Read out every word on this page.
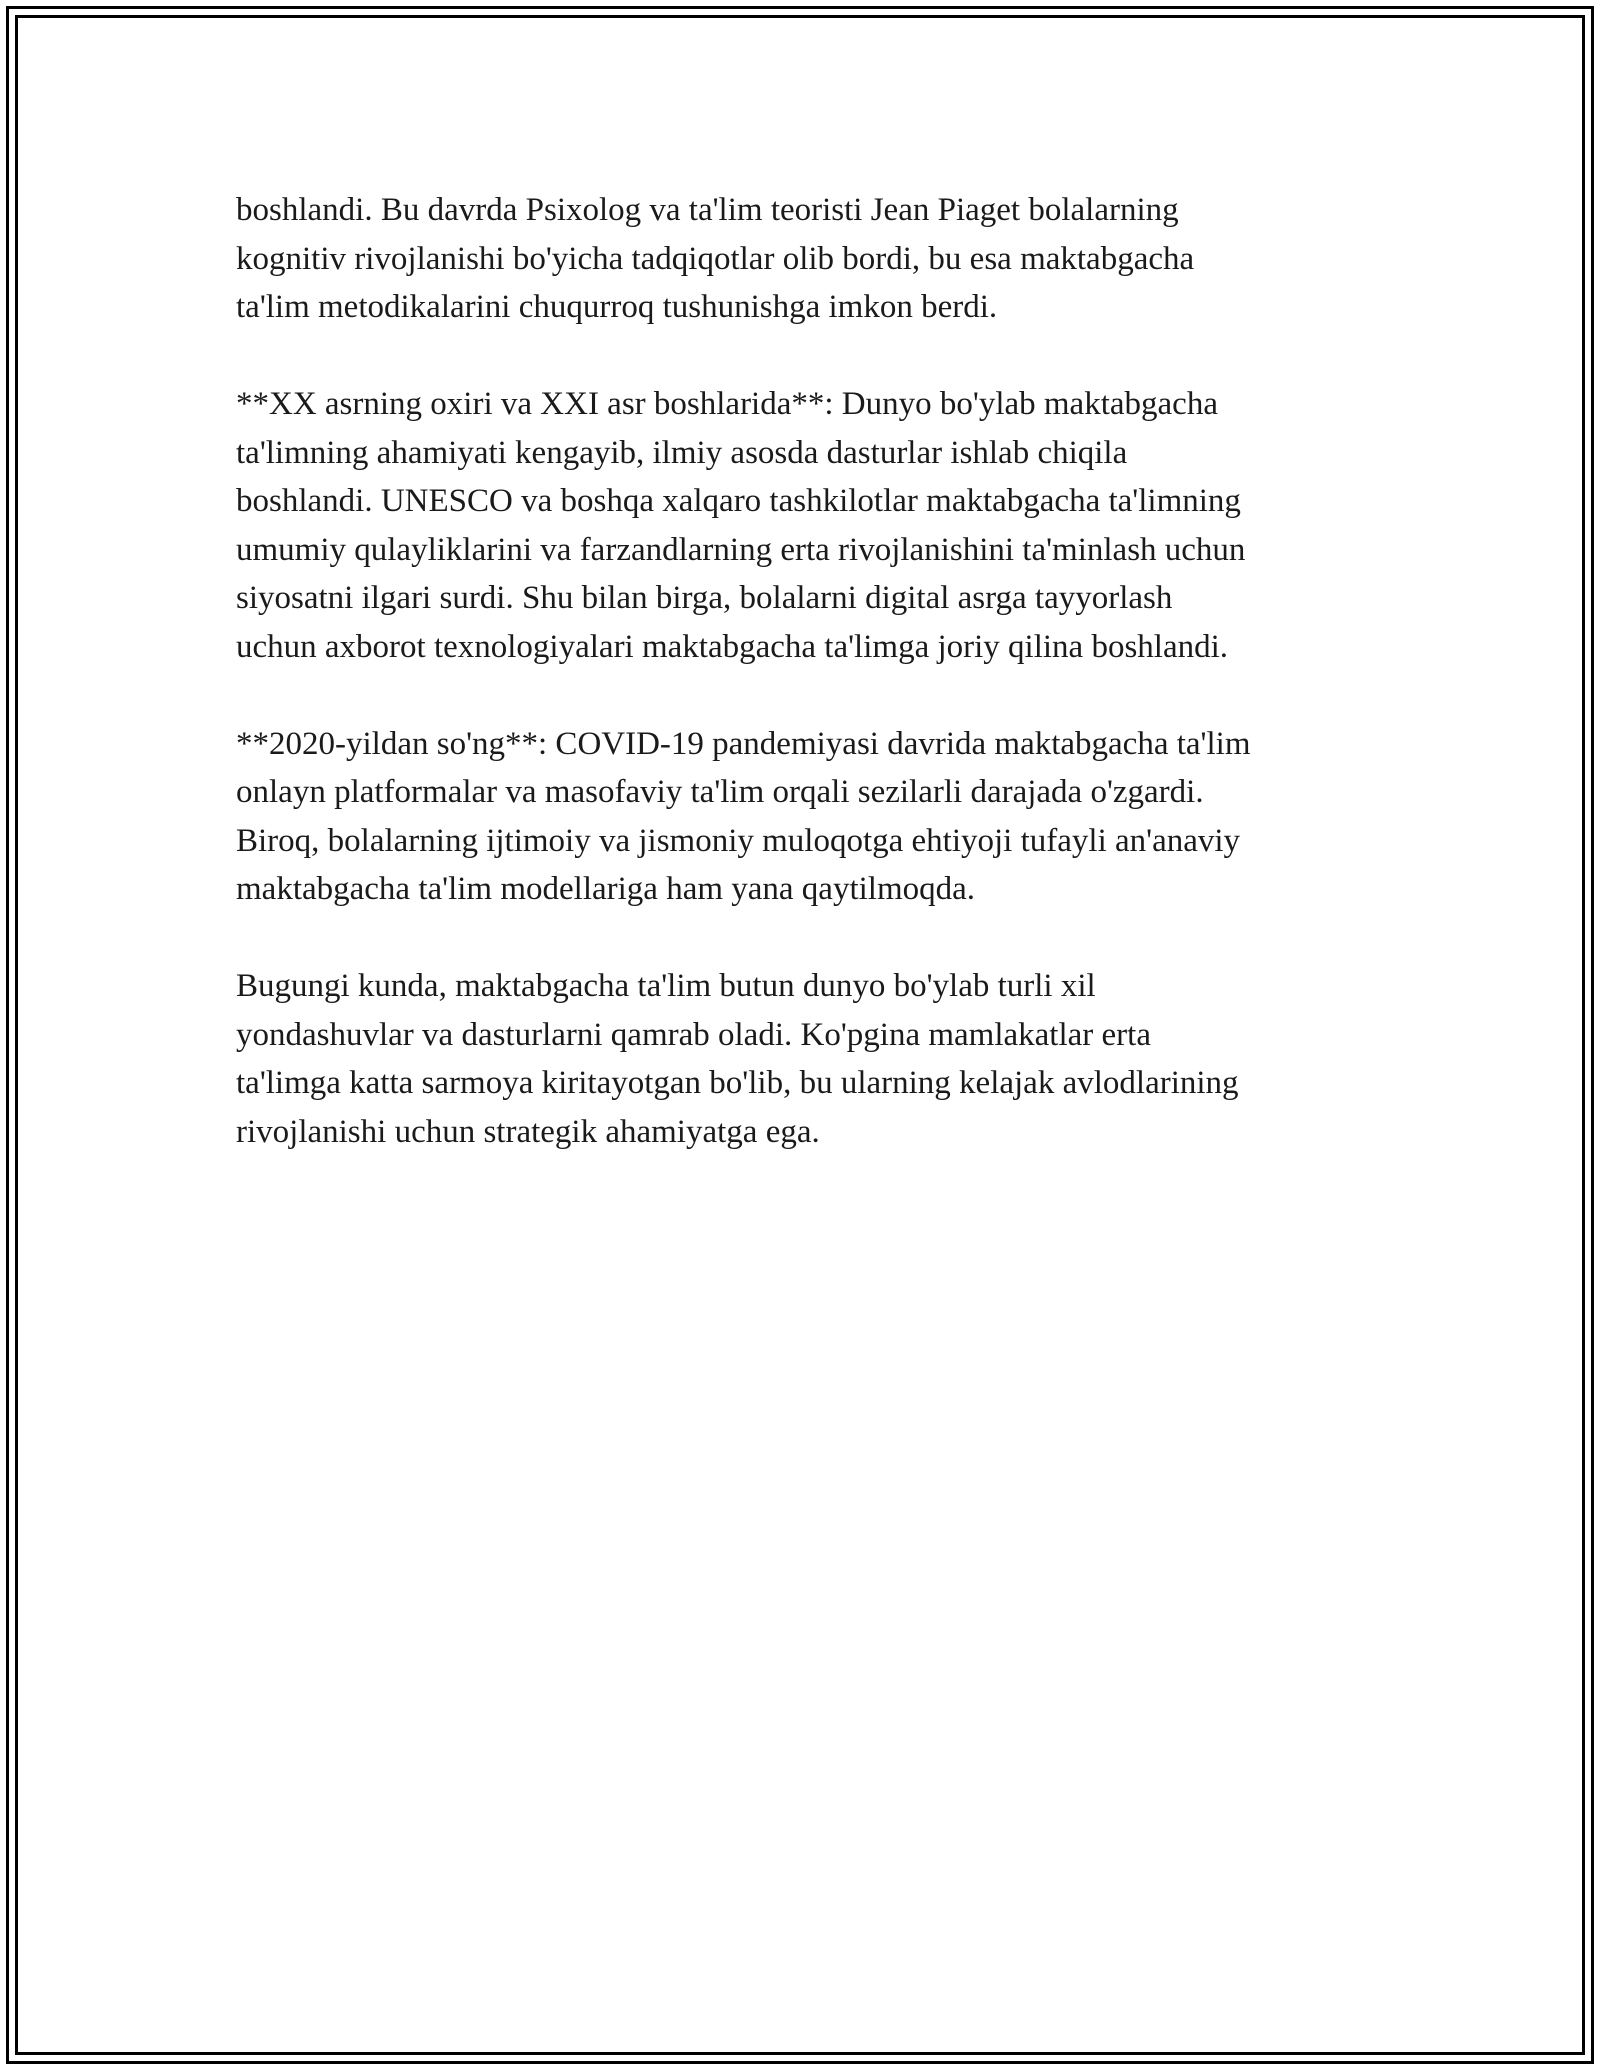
boshlandi. Bu davrda Psixolog va ta'lim teoristi Jean Piaget bolalarning
kognitiv rivojlanishi bo'yicha tadqiqotlar olib bordi, bu esa maktabgacha
ta'lim metodikalarini chuqurroq tushunishga imkon berdi.

**XX asrning oxiri va XXI asr boshlarida**: Dunyo bo'ylab maktabgacha
ta'limning ahamiyati kengayib, ilmiy asosda dasturlar ishlab chiqila
boshlandi. UNESCO va boshqa xalqaro tashkilotlar maktabgacha ta'limning
umumiy qulayliklarini va farzandlarning erta rivojlanishini ta'minlash uchun
siyosatni ilgari surdi. Shu bilan birga, bolalarni digital asrga tayyorlash
uchun axborot texnologiyalari maktabgacha ta'limga joriy qilina boshlandi.

**2020-yildan so'ng**: COVID-19 pandemiyasi davrida maktabgacha ta'lim
onlayn platformalar va masofaviy ta'lim orqali sezilarli darajada o'zgardi.
Biroq, bolalarning ijtimoiy va jismoniy muloqotga ehtiyoji tufayli an'anaviy
maktabgacha ta'lim modellariga ham yana qaytilmoqda.

Bugungi kunda, maktabgacha ta'lim butun dunyo bo'ylab turli xil
yondashuvlar va dasturlarni qamrab oladi. Ko'pgina mamlakatlar erta
ta'limga katta sarmoya kiritayotgan bo'lib, bu ularning kelajak avlodlarining
rivojlanishi uchun strategik ahamiyatga ega.
